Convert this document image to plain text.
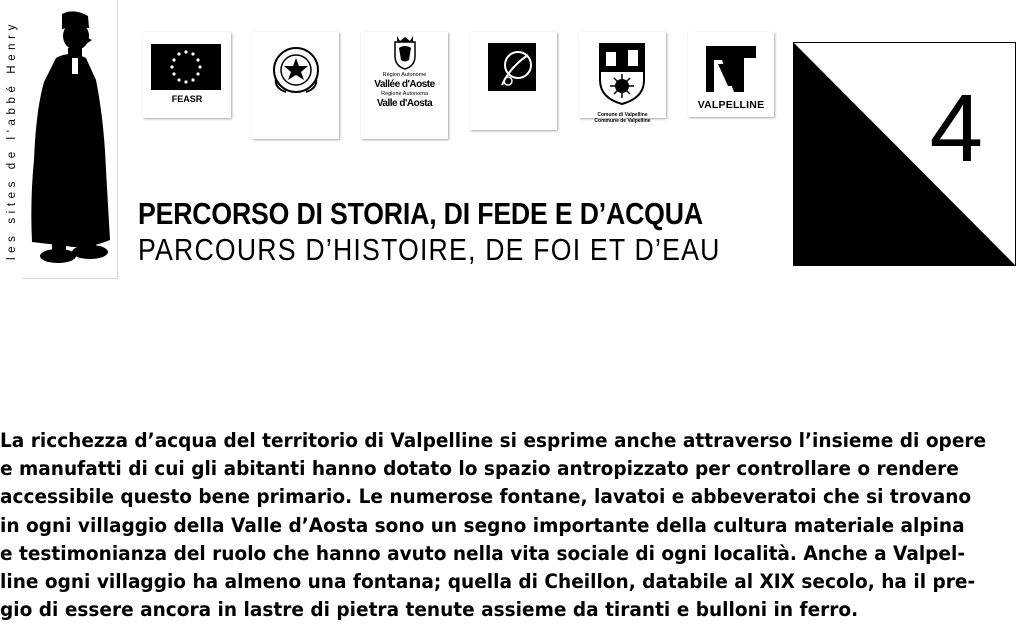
les sites de l'abbé Henry	FEASR
Région Autonome
Vallée d'Aoste
Regione Autonoma
Valle d'Aosta
LEADER
Comune di Valpelline
Commune de Valpelline
VALPELLINE 4
PERCORSO DI STORIA, DI FEDE E D’ACQUA
PARCOURS D’HISTOIRE, DE FOI ET D’EAU
La ricchezza d’acqua del territorio di Valpelline si esprime anche attraverso l’insieme di opere
e manufatti di cui gli abitanti hanno dotato lo spazio antropizzato per controllare o rendere
accessibile questo bene primario. Le numerose fontane, lavatoi e abbeveratoi che si trovano
in ogni villaggio della Valle d’Aosta sono un segno importante della cultura materiale alpina
e testimonianza del ruolo che hanno avuto nella vita sociale di ogni località. Anche a Valpel-
line ogni villaggio ha almeno una fontana; quella di Cheillon, databile al XIX secolo, ha il pre-
gio di essere ancora in lastre di pietra tenute assieme da tiranti e bulloni in ferro.
